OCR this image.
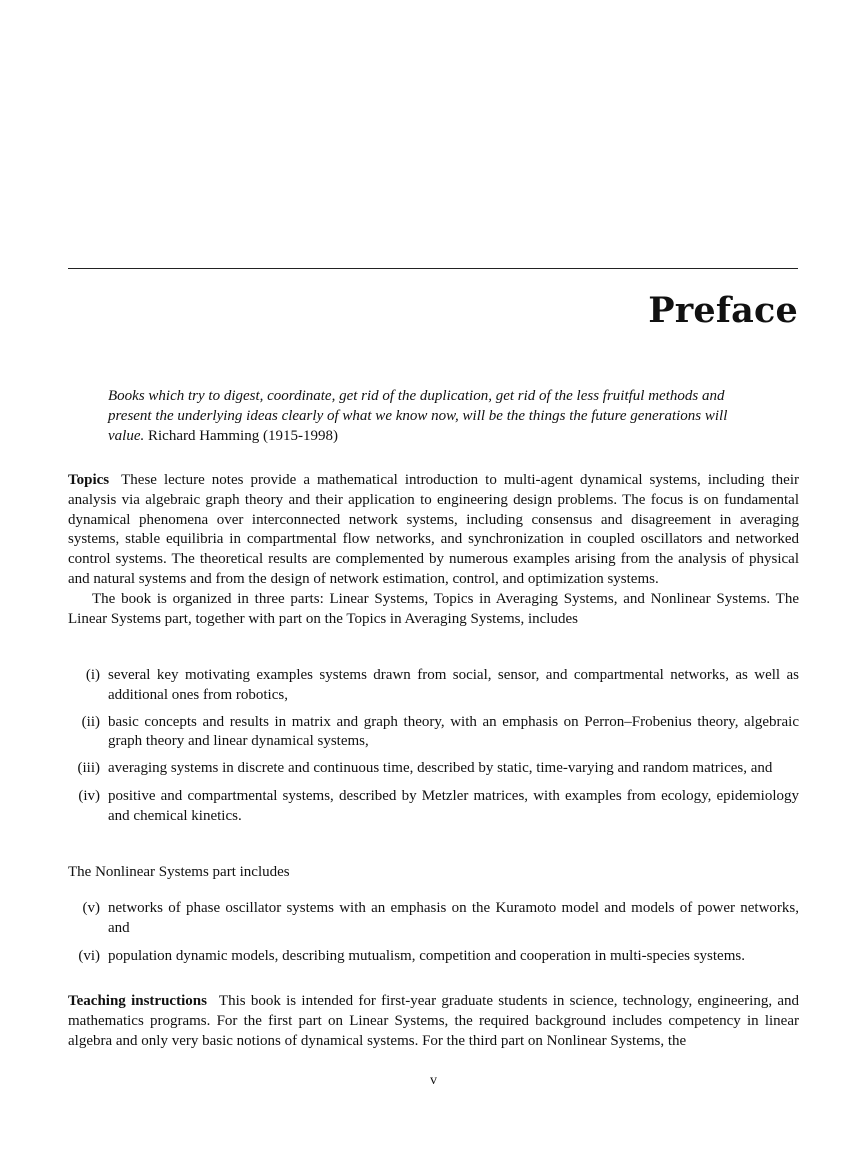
Preface

Books which try to digest, coordinate, get rid of the duplication, get rid of the less fruitful methods and present the underlying ideas clearly of what we know now, will be the things the future generations will value. Richard Hamming (1915-1998)

Topics These lecture notes provide a mathematical introduction to multi-agent dynamical systems, including their analysis via algebraic graph theory and their application to engineering design problems. The focus is on fundamental dynamical phenomena over interconnected network systems, including consensus and disagreement in averaging systems, stable equilibria in compartmental flow networks, and synchronization in coupled oscillators and networked control systems. The theoretical results are complemented by numerous examples arising from the analysis of physical and natural systems and from the design of network estimation, control, and optimization systems.

The book is organized in three parts: Linear Systems, Topics in Averaging Systems, and Nonlinear Systems. The Linear Systems part, together with part on the Topics in Averaging Systems, includes

(i) several key motivating examples systems drawn from social, sensor, and compartmental networks, as well as additional ones from robotics,
(ii) basic concepts and results in matrix and graph theory, with an emphasis on Perron–Frobenius theory, algebraic graph theory and linear dynamical systems,
(iii) averaging systems in discrete and continuous time, described by static, time-varying and random matrices, and
(iv) positive and compartmental systems, described by Metzler matrices, with examples from ecology, epidemiology and chemical kinetics.

The Nonlinear Systems part includes

(v) networks of phase oscillator systems with an emphasis on the Kuramoto model and models of power networks, and
(vi) population dynamic models, describing mutualism, competition and cooperation in multi-species systems.

Teaching instructions This book is intended for first-year graduate students in science, technology, engineering, and mathematics programs. For the first part on Linear Systems, the required background includes competency in linear algebra and only very basic notions of dynamical systems. For the third part on Nonlinear Systems, the

v
